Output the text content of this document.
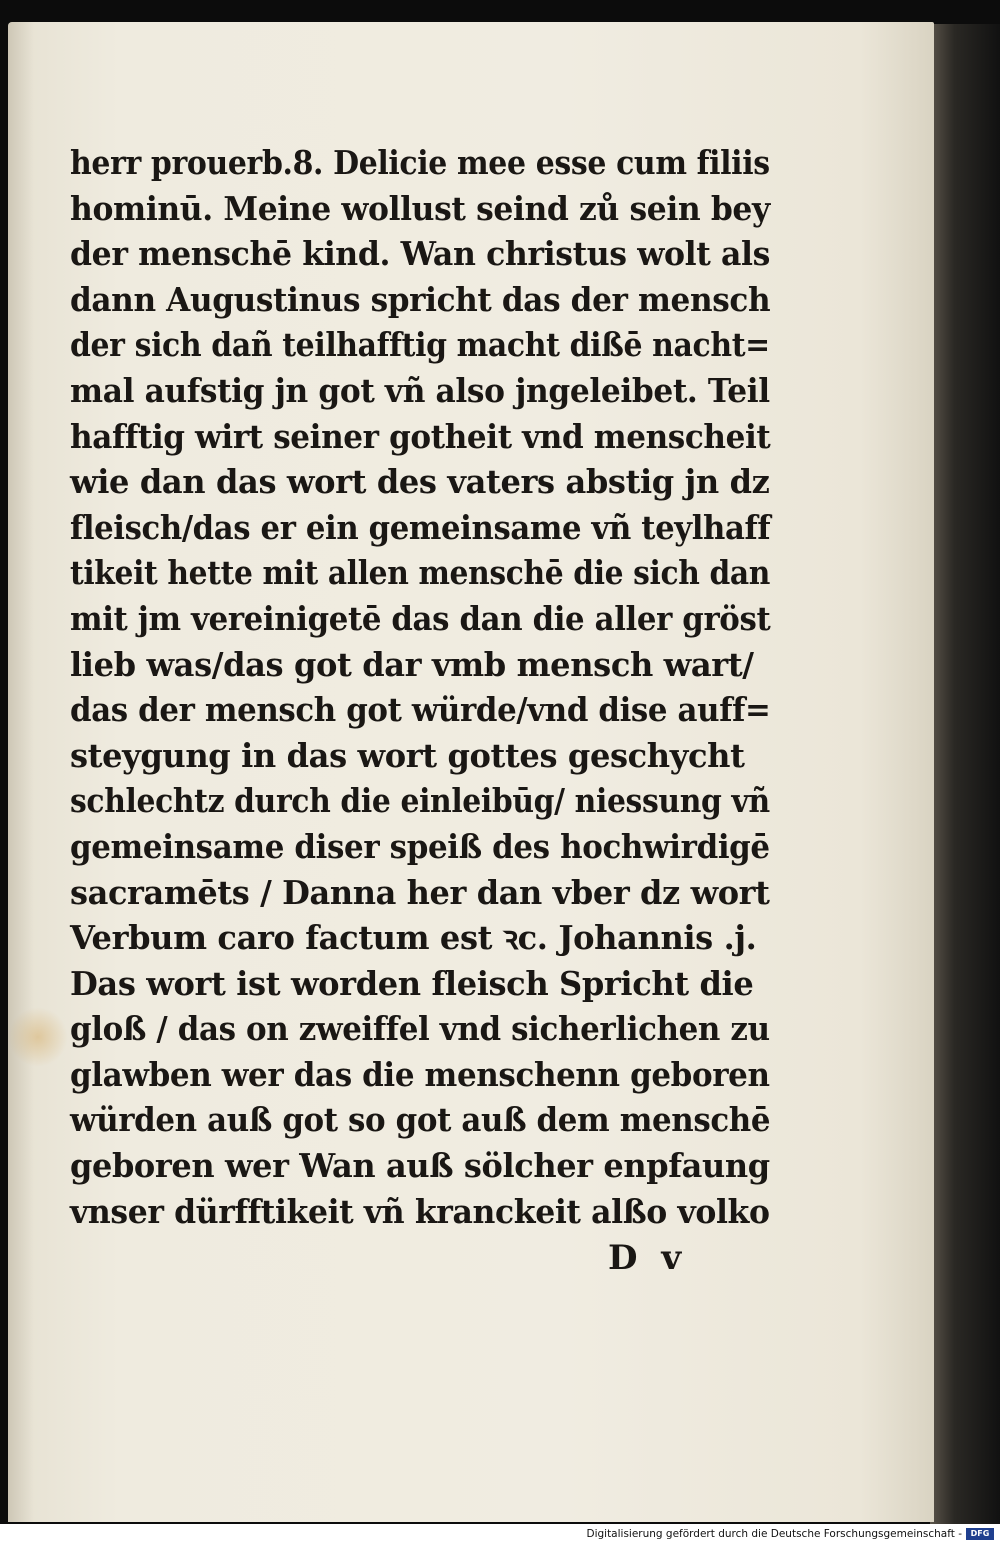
herr prouerb.8. Delicie mee esse cum filiis
hominū. Meine wollust seind zů sein bey
der menschē kind. Wan christus wolt als
dann Augustinus spricht das der mensch
der sich dañ teilhafftig macht dißē nacht=
mal aufstig jn got vñ also jngeleibet. Teil
hafftig wirt seiner gotheit vnd menscheit
wie dan das wort des vaters abstig jn dz
fleisch/das er ein gemeinsame vñ teylhaff
tikeit hette mit allen menschē die sich dan
mit jm vereinigetē das dan die aller gröst
lieb was/das got dar vmb mensch wart/
das der mensch got würde/vnd dise auff=
steygung in das wort gottes geschycht
schlechtz durch die einleibūg/ niessung vñ
gemeinsame diser speiß des hochwirdigē
sacramēts / Danna her dan vber dz wort
Verbum caro factum est ꝛc. Johannis .j.
Das wort ist worden fleisch Spricht die
gloß / das on zweiffel vnd sicherlichen zu
glawben wer das die menschenn geboren
würden auß got so got auß dem menschē
geboren wer Wan auß sölcher enpfaung
vnser dürfftikeit vñ kranckeit alßo volko
D v
Digitalisierung gefördert durch die Deutsche Forschungsgemeinschaft -	DFG
